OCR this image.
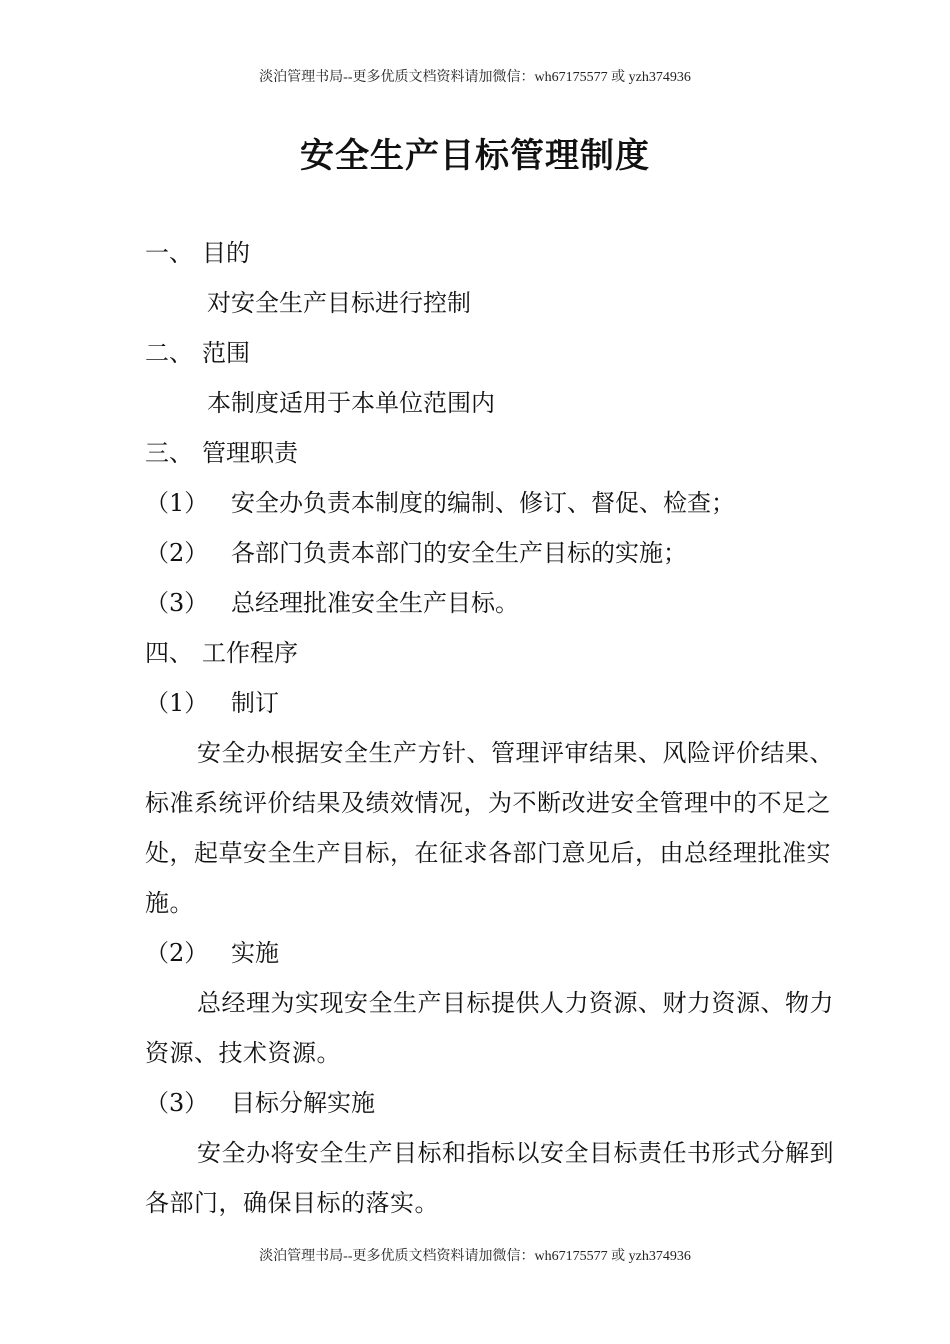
淡泊管理书局--更多优质文档资料请加微信：wh67175577 或 yzh374936
安全生产目标管理制度
一、 目的
对安全生产目标进行控制
二、 范围
本制度适用于本单位范围内
三、 管理职责
（1） 安全办负责本制度的编制、修订、督促、检查；
（2） 各部门负责本部门的安全生产目标的实施；
（3） 总经理批准安全生产目标。
四、 工作程序
（1） 制订
安全办根据安全生产方针、管理评审结果、风险评价结果、标准系统评价结果及绩效情况，为不断改进安全管理中的不足之处，起草安全生产目标，在征求各部门意见后，由总经理批准实施。
（2） 实施
总经理为实现安全生产目标提供人力资源、财力资源、物力资源、技术资源。
（3） 目标分解实施
安全办将安全生产目标和指标以安全目标责任书形式分解到各部门，确保目标的落实。
淡泊管理书局--更多优质文档资料请加微信：wh67175577 或 yzh374936
